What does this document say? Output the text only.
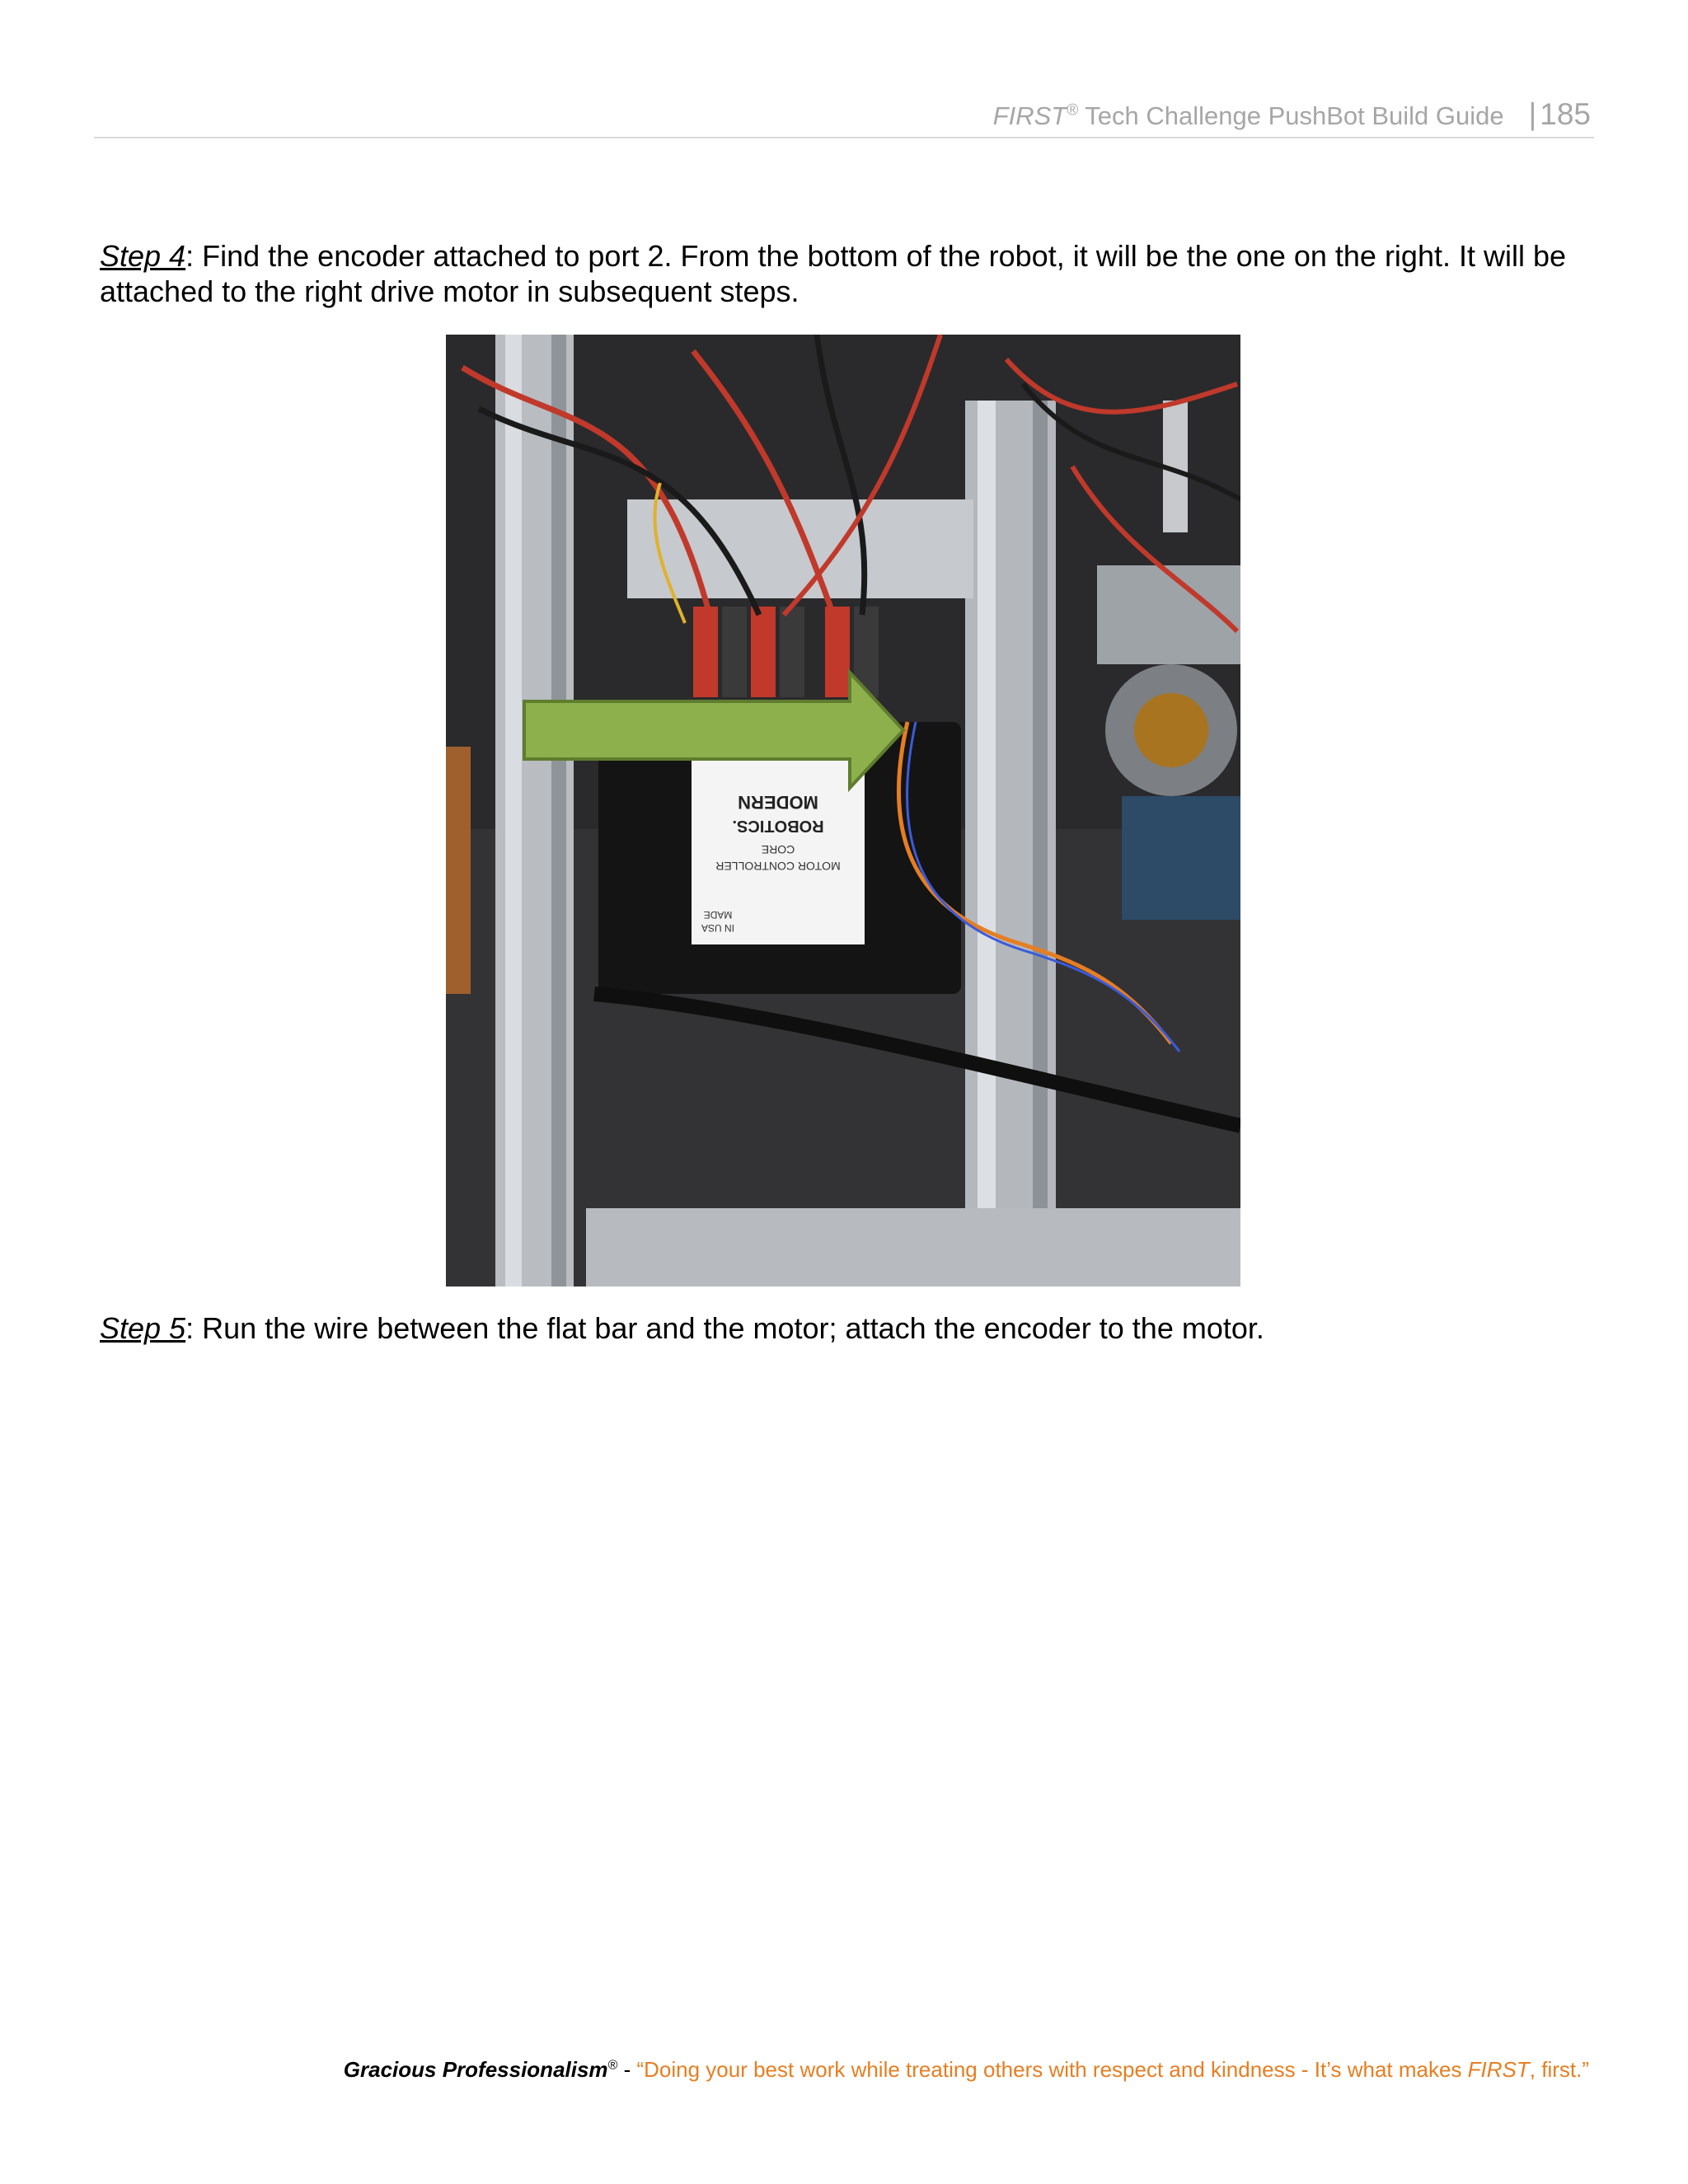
FIRST® Tech Challenge PushBot Build Guide | 185
Step 4: Find the encoder attached to port 2. From the bottom of the robot, it will be the one on the right. It will be attached to the right drive motor in subsequent steps.
MODERN
ROBOTICS.
CORE
MOTOR CONTROLLER
MADE
IN USA
Step 5: Run the wire between the flat bar and the motor; attach the encoder to the motor.
Gracious Professionalism® - “Doing your best work while treating others with respect and kindness - It’s what makes FIRST, first.”
